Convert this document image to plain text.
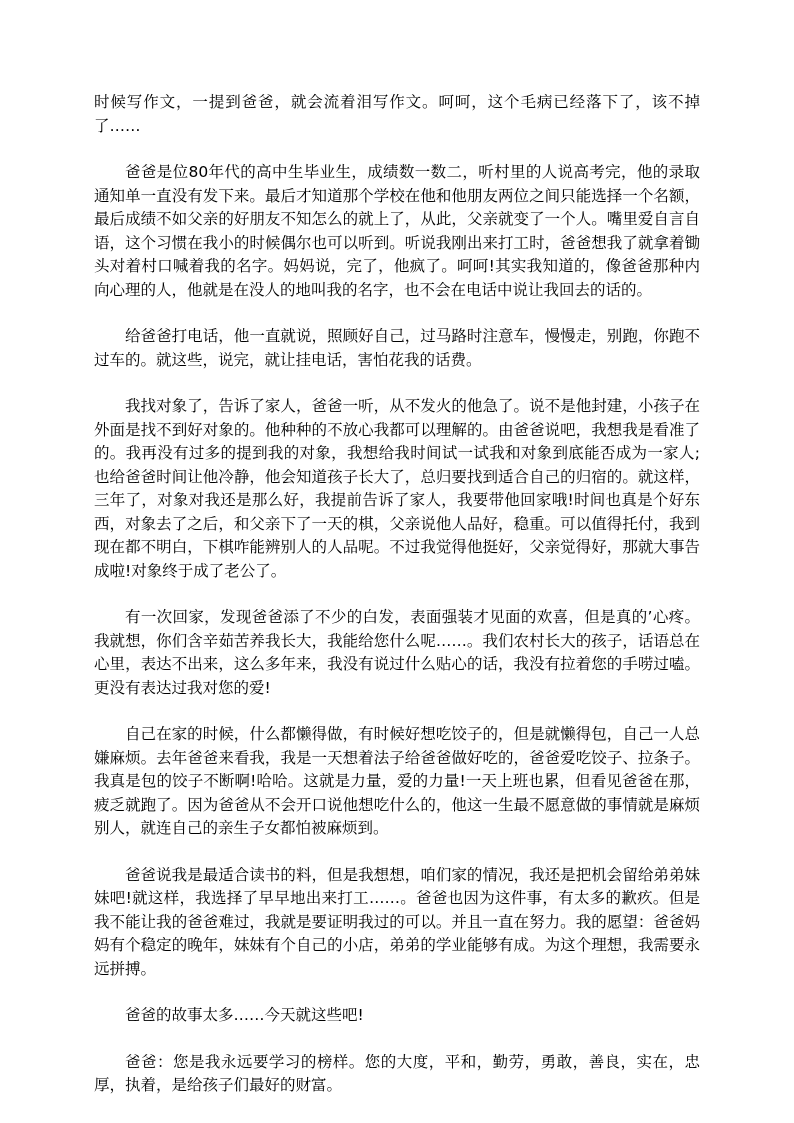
时候写作文，一提到爸爸，就会流着泪写作文。呵呵，这个毛病已经落下了，该不掉了……

爸爸是位80年代的高中生毕业生，成绩数一数二，听村里的人说高考完，他的录取通知单一直没有发下来。最后才知道那个学校在他和他朋友两位之间只能选择一个名额，最后成绩不如父亲的好朋友不知怎么的就上了，从此，父亲就变了一个人。嘴里爱自言自语，这个习惯在我小的时候偶尔也可以听到。听说我刚出来打工时，爸爸想我了就拿着锄头对着村口喊着我的名字。妈妈说，完了，他疯了。呵呵!其实我知道的，像爸爸那种内向心理的人，他就是在没人的地叫我的名字，也不会在电话中说让我回去的话的。

给爸爸打电话，他一直就说，照顾好自己，过马路时注意车，慢慢走，别跑，你跑不过车的。就这些，说完，就让挂电话，害怕花我的话费。

我找对象了，告诉了家人，爸爸一听，从不发火的他急了。说不是他封建，小孩子在外面是找不到好对象的。他种种的不放心我都可以理解的。由爸爸说吧，我想我是看准了的。我再没有过多的提到我的对象，我想给我时间试一试我和对象到底能否成为一家人;也给爸爸时间让他冷静，他会知道孩子长大了，总归要找到适合自己的归宿的。就这样，三年了，对象对我还是那么好，我提前告诉了家人，我要带他回家哦!时间也真是个好东西，对象去了之后，和父亲下了一天的棋，父亲说他人品好，稳重。可以值得托付，我到现在都不明白，下棋咋能辨别人的人品呢。不过我觉得他挺好，父亲觉得好，那就大事告成啦!对象终于成了老公了。

有一次回家，发现爸爸添了不少的白发，表面强装才见面的欢喜，但是真的’心疼。我就想，你们含辛茹苦养我长大，我能给您什么呢……。我们农村长大的孩子，话语总在心里，表达不出来，这么多年来，我没有说过什么贴心的话，我没有拉着您的手唠过嗑。更没有表达过我对您的爱!

自己在家的时候，什么都懒得做，有时候好想吃饺子的，但是就懒得包，自己一人总嫌麻烦。去年爸爸来看我，我是一天想着法子给爸爸做好吃的，爸爸爱吃饺子、拉条子。我真是包的饺子不断啊!哈哈。这就是力量，爱的力量!一天上班也累，但看见爸爸在那，疲乏就跑了。因为爸爸从不会开口说他想吃什么的，他这一生最不愿意做的事情就是麻烦别人，就连自己的亲生子女都怕被麻烦到。

爸爸说我是最适合读书的料，但是我想想，咱们家的情况，我还是把机会留给弟弟妹妹吧!就这样，我选择了早早地出来打工……。爸爸也因为这件事，有太多的歉疚。但是我不能让我的爸爸难过，我就是要证明我过的可以。并且一直在努力。我的愿望：爸爸妈妈有个稳定的晚年，妹妹有个自己的小店，弟弟的学业能够有成。为这个理想，我需要永远拼搏。

爸爸的故事太多……今天就这些吧!

爸爸：您是我永远要学习的榜样。您的大度，平和，勤劳，勇敢，善良，实在，忠厚，执着，是给孩子们最好的财富。
